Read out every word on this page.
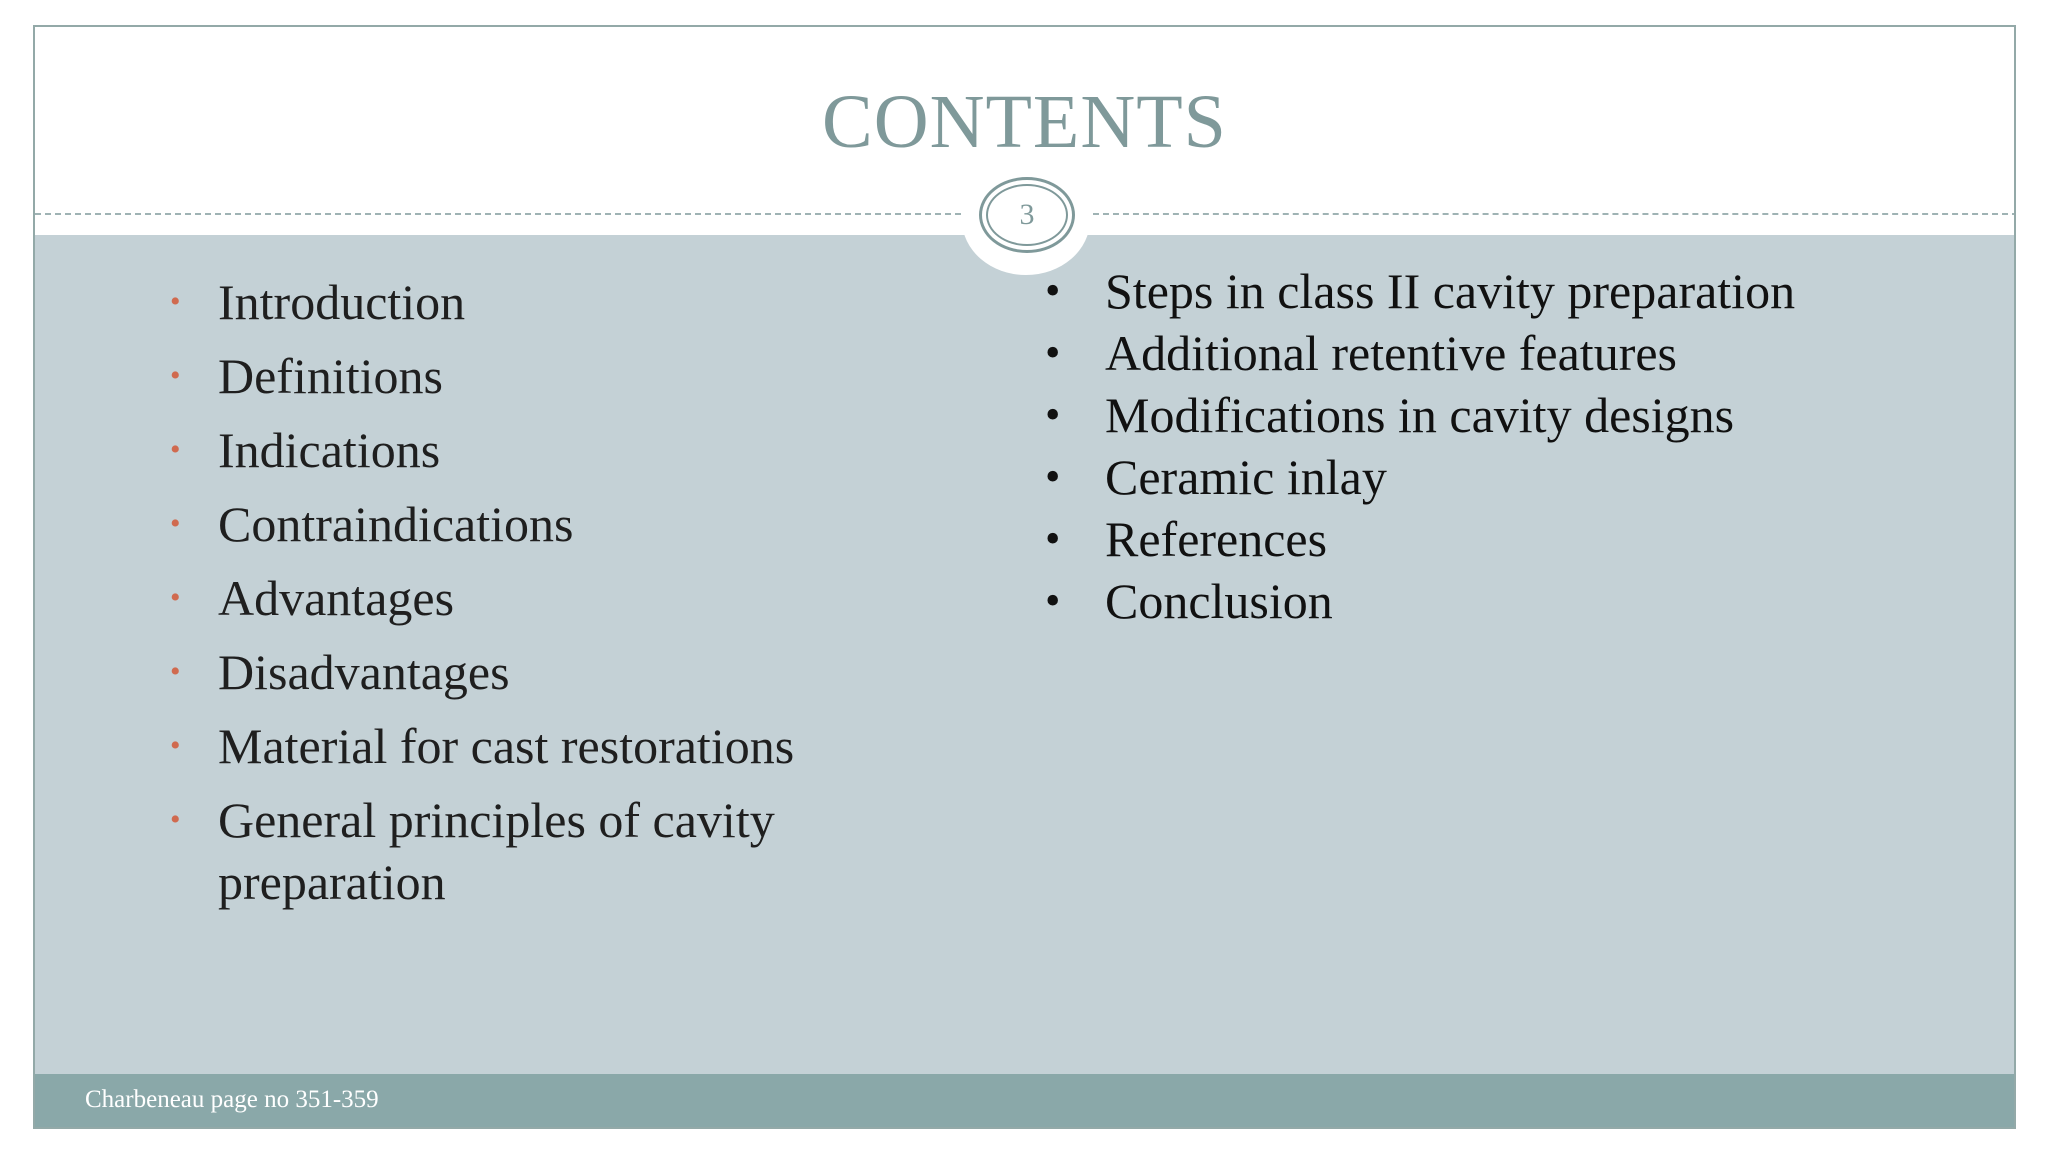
CONTENTS
3
• Introduction
• Definitions
• Indications
• Contraindications
• Advantages
• Disadvantages
• Material for cast restorations
• General principles of cavity preparation
• Steps in class II cavity preparation
• Additional retentive features
• Modifications in cavity designs
• Ceramic inlay
• References
• Conclusion
Charbeneau page no 351-359
